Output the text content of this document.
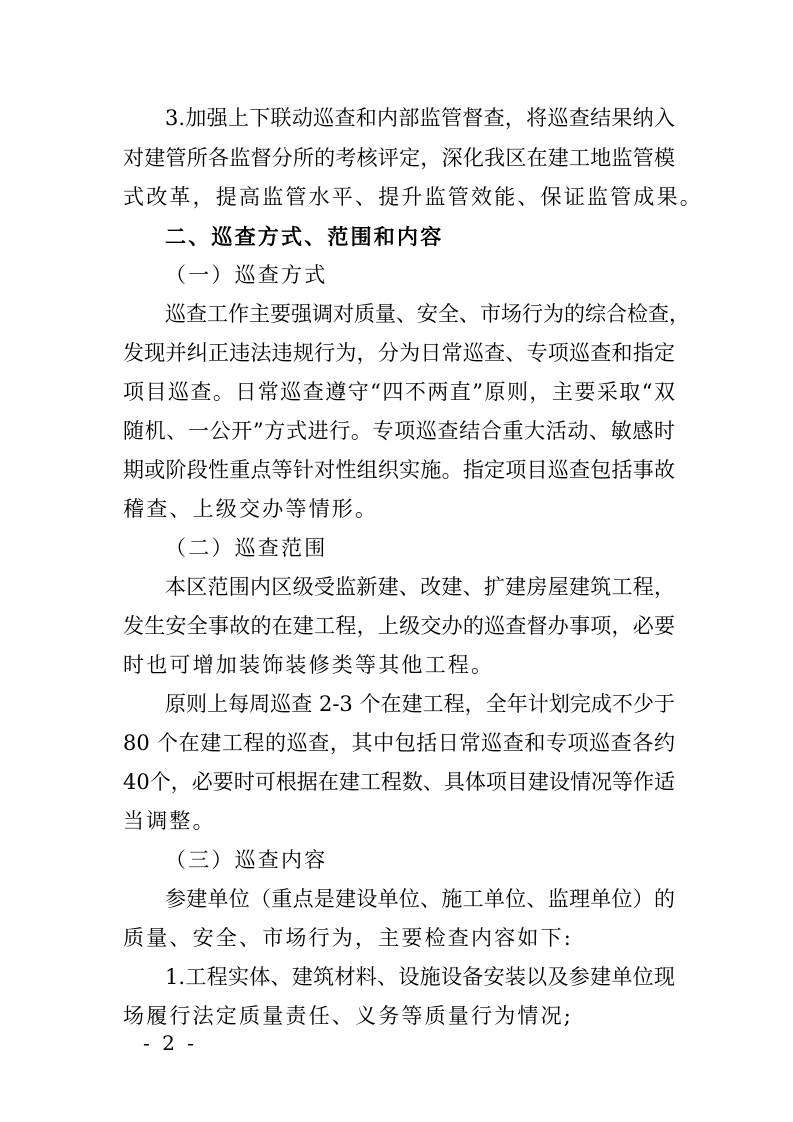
3.加强上下联动巡查和内部监管督查，将巡查结果纳入
对建管所各监督分所的考核评定，深化我区在建工地监管模
式改革，提高监管水平、提升监管效能、保证监管成果。
二、巡查方式、范围和内容
（一）巡查方式
巡查工作主要强调对质量、安全、市场行为的综合检查，
发现并纠正违法违规行为，分为日常巡查、专项巡查和指定
项目巡查。日常巡查遵守“四不两直”原则，主要采取“双
随机、一公开”方式进行。专项巡查结合重大活动、敏感时
期或阶段性重点等针对性组织实施。指定项目巡查包括事故
稽查、上级交办等情形。
（二）巡查范围
本区范围内区级受监新建、改建、扩建房屋建筑工程，
发生安全事故的在建工程，上级交办的巡查督办事项，必要
时也可增加装饰装修类等其他工程。
原则上每周巡查 2-3 个在建工程，全年计划完成不少于
80 个在建工程的巡查，其中包括日常巡查和专项巡查各约
40个，必要时可根据在建工程数、具体项目建设情况等作适
当调整。
（三）巡查内容
参建单位（重点是建设单位、施工单位、监理单位）的
质量、安全、市场行为，主要检查内容如下:
1.工程实体、建筑材料、设施设备安装以及参建单位现
场履行法定质量责任、义务等质量行为情况;
- 2 -
